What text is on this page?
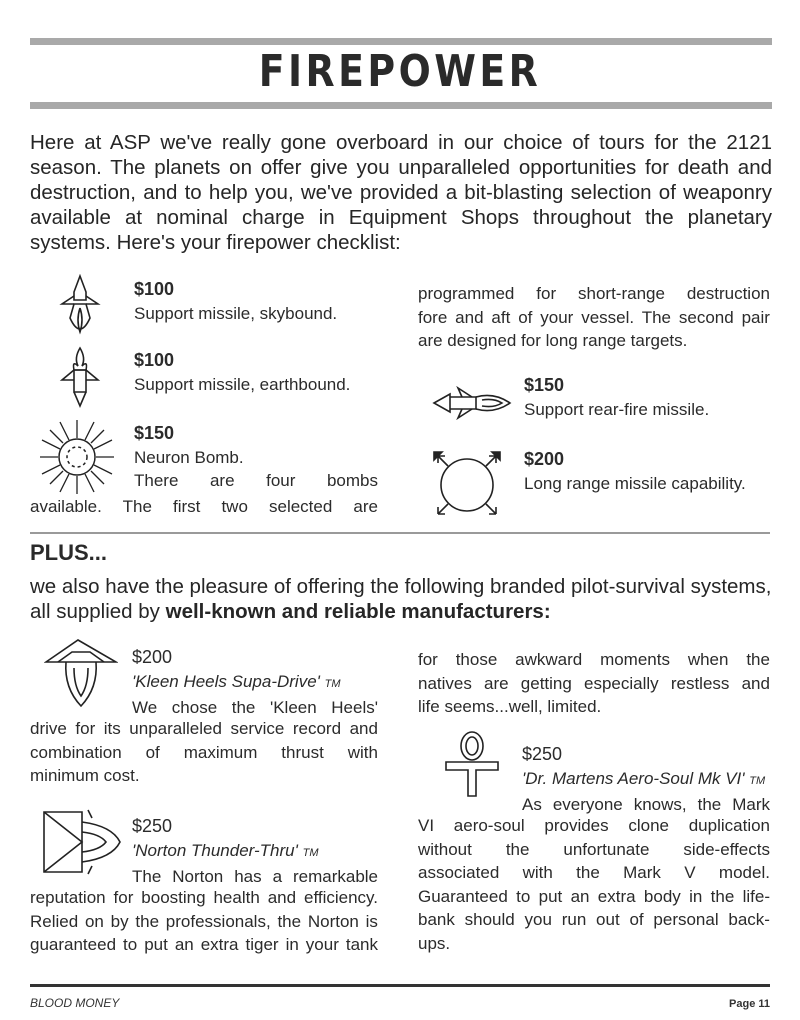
FIREPOWER

Here at ASP we've really gone overboard in our choice of tours for the 2121 season. The planets on offer give you unparalleled opportunities for death and destruction, and to help you, we've provided a bit-blasting selection of weaponry available at nominal charge in Equipment Shops throughout the planetary systems. Here's your firepower checklist:

$100
Support missile, skybound.
$100
Support missile, earthbound.
$150
Neuron Bomb.
There are four bombs
available. The first two selected are
programmed for short-range destruction
fore and aft of your vessel. The second pair
are designed for long range targets.
$150
Support rear-fire missile.
$200
Long range missile capability.
PLUS...

we also have the pleasure of offering the following branded pilot-survival systems, all supplied by well-known and reliable manufacturers:

$200
'Kleen Heels Supa-Drive' TM
We chose the 'Kleen Heels'
drive for its unparalleled service record and
combination of maximum thrust with
minimum cost.
$250
'Norton Thunder-Thru' TM
The Norton has a remarkable
reputation for boosting health and efficiency.
Relied on by the professionals, the Norton is
guaranteed to put an extra tiger in your tank
for those awkward moments when the
natives are getting especially restless and
life seems...well, limited.
$250
'Dr. Martens Aero-Soul Mk VI' TM
As everyone knows, the Mark
VI aero-soul provides clone duplication
without the unfortunate side-effects
associated with the Mark V model.
Guaranteed to put an extra body in the life-
bank should you run out of personal back-
ups.
BLOOD MONEY	Page 11
